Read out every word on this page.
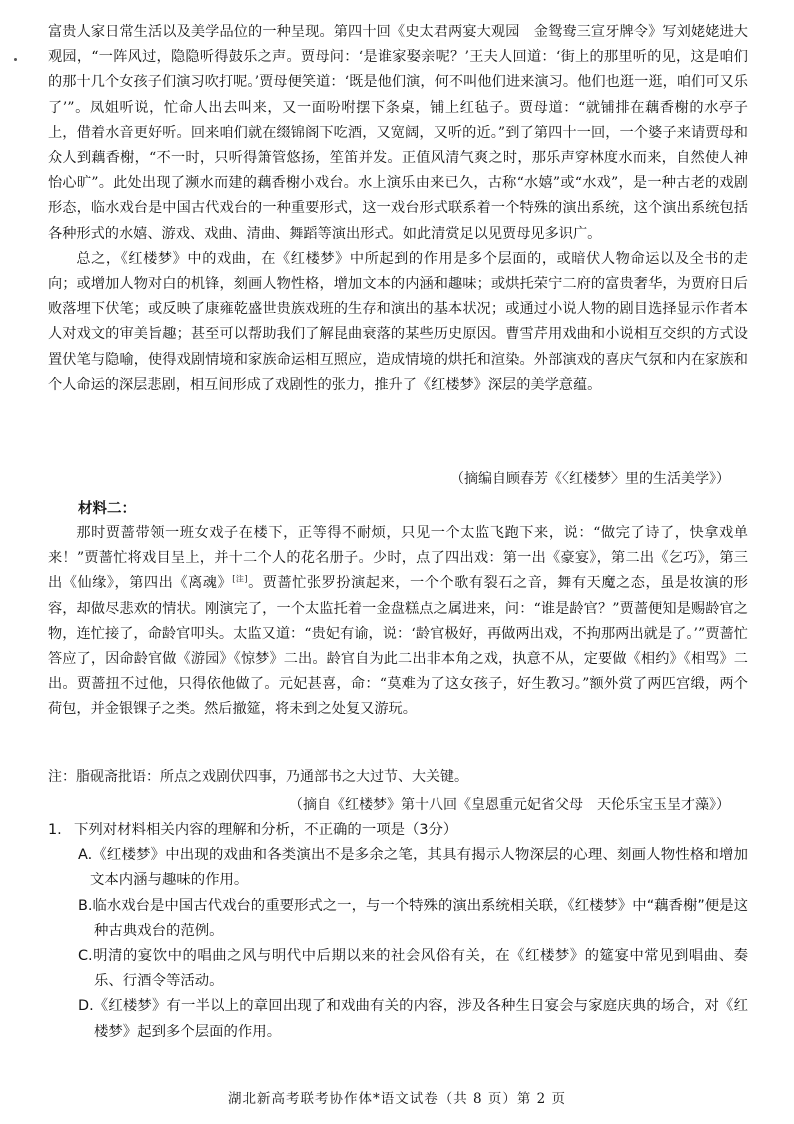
富贵人家日常生活以及美学品位的一种呈现。第四十回《史太君两宴大观园　金鸳鸯三宣牙牌令》写刘姥姥进大观园，“一阵风过，隐隐听得鼓乐之声。贾母问：‘是谁家娶亲呢？’王夫人回道：‘街上的那里听的见，这是咱们的那十几个女孩子们演习吹打呢。’贾母便笑道：‘既是他们演，何不叫他们进来演习。他们也逛一逛，咱们可又乐了’”。凤姐听说，忙命人出去叫来，又一面吩咐摆下条桌，铺上红毡子。贾母道：“就铺排在藕香榭的水亭子上，借着水音更好听。回来咱们就在缀锦阁下吃酒，又宽阔，又听的近。”到了第四十一回，一个婆子来请贾母和众人到藕香榭，“不一时，只听得箫管悠扬，笙笛并发。正值风清气爽之时，那乐声穿林度水而来，自然使人神怡心旷”。此处出现了濒水而建的藕香榭小戏台。水上演乐由来已久，古称“水嬉”或“水戏”，是一种古老的戏剧形态，临水戏台是中国古代戏台的一种重要形式，这一戏台形式联系着一个特殊的演出系统，这个演出系统包括各种形式的水嬉、游戏、戏曲、清曲、舞蹈等演出形式。如此清赏足以见贾母见多识广。

总之，《红楼梦》中的戏曲，在《红楼梦》中所起到的作用是多个层面的，或暗伏人物命运以及全书的走向；或增加人物对白的机锋，刻画人物性格，增加文本的内涵和趣味；或烘托荣宁二府的富贵奢华，为贾府日后败落埋下伏笔；或反映了康雍乾盛世贵族戏班的生存和演出的基本状况；或通过小说人物的剧目选择显示作者本人对戏文的审美旨趣；甚至可以帮助我们了解昆曲衰落的某些历史原因。曹雪芹用戏曲和小说相互交织的方式设置伏笔与隐喻，使得戏剧情境和家族命运相互照应，造成情境的烘托和渲染。外部演戏的喜庆气氛和内在家族和个人命运的深层悲剧，相互间形成了戏剧性的张力，推升了《红楼梦》深层的美学意蕴。

（摘编自顾春芳《〈红楼梦〉里的生活美学》）
材料二：

那时贾蔷带领一班女戏子在楼下，正等得不耐烦，只见一个太监飞跑下来，说：“做完了诗了，快拿戏单来！”贾蔷忙将戏目呈上，并十二个人的花名册子。少时，点了四出戏：第一出《豪宴》，第二出《乞巧》，第三出《仙缘》，第四出《离魂》[注]。贾蔷忙张罗扮演起来，一个个歌有裂石之音，舞有天魔之态，虽是妆演的形容，却做尽悲欢的情状。刚演完了，一个太监托着一金盘糕点之属进来，问：“谁是龄官？”贾蔷便知是赐龄官之物，连忙接了，命龄官叩头。太监又道：“贵妃有谕，说：‘龄官极好，再做两出戏，不拘那两出就是了。’”贾蔷忙答应了，因命龄官做《游园》《惊梦》二出。龄官自为此二出非本角之戏，执意不从，定要做《相约》《相骂》二出。贾蔷扭不过他，只得依他做了。元妃甚喜，命：“莫难为了这女孩子，好生教习。”额外赏了两匹宫缎，两个荷包，并金银锞子之类。然后撤筵，将未到之处复又游玩。

注：脂砚斋批语：所点之戏剧伏四事，乃通部书之大过节、大关键。
（摘自《红楼梦》第十八回《皇恩重元妃省父母　天伦乐宝玉呈才藻》）

1. 下列对材料相关内容的理解和分析，不正确的一项是（3分）

A.《红楼梦》中出现的戏曲和各类演出不是多余之笔，其具有揭示人物深层的心理、刻画人物性格和增加文本内涵与趣味的作用。

B.临水戏台是中国古代戏台的重要形式之一，与一个特殊的演出系统相关联，《红楼梦》中“藕香榭”便是这种古典戏台的范例。

C.明清的宴饮中的唱曲之风与明代中后期以来的社会风俗有关，在《红楼梦》的筵宴中常见到唱曲、奏乐、行酒令等活动。

D.《红楼梦》有一半以上的章回出现了和戏曲有关的内容，涉及各种生日宴会与家庭庆典的场合，对《红楼梦》起到多个层面的作用。

湖北新高考联考协作体*语文试卷（共 8 页）第 2 页
